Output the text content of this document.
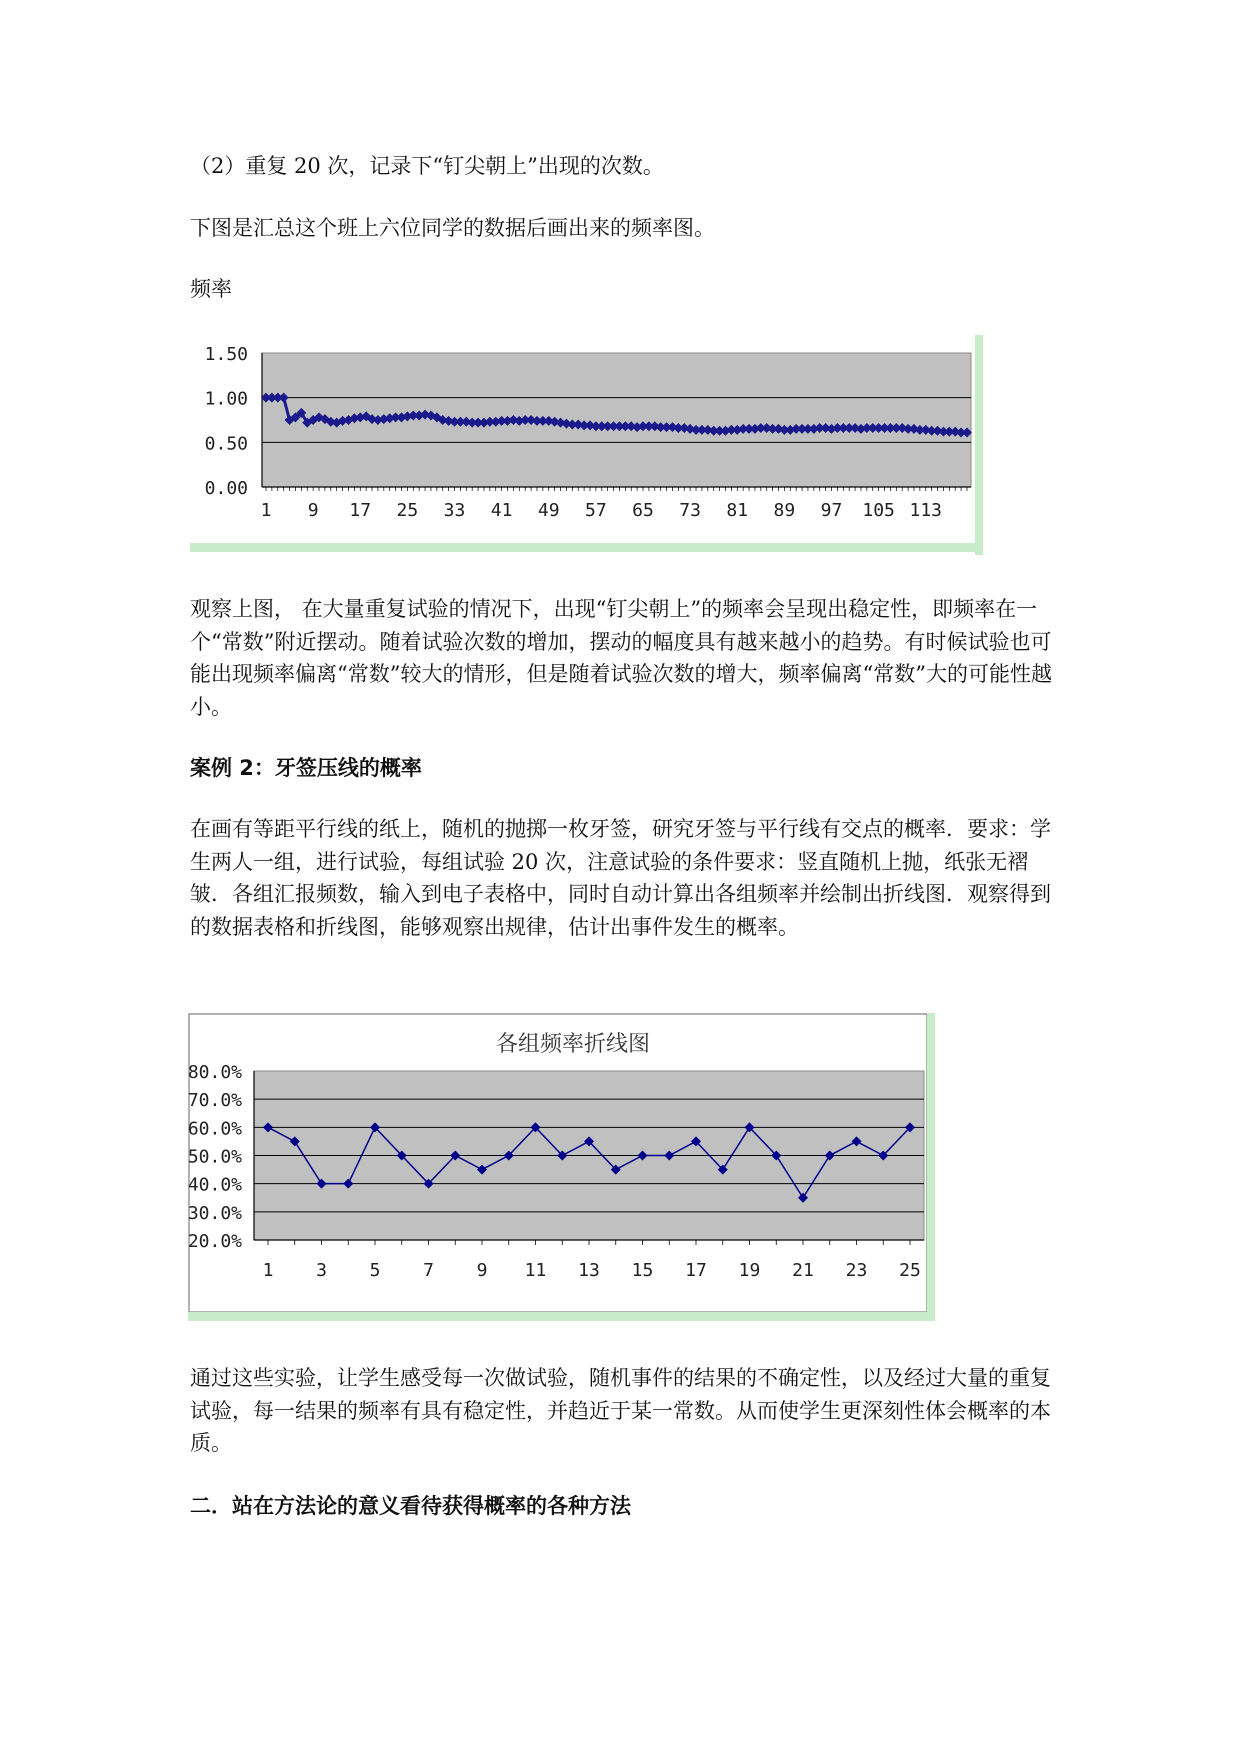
（2）重复 20 次，记录下“钉尖朝上”出现的次数。

下图是汇总这个班上六位同学的数据后画出来的频率图。

频率

1.50
1.00
0.50
0.00
1 9 17 25 33 41 49 57 65 73 81 89 97 105 113

观察上图， 在大量重复试验的情况下，出现“钉尖朝上”的频率会呈现出稳定性，即频率在一个“常数”附近摆动。随着试验次数的增加，摆动的幅度具有越来越小的趋势。有时候试验也可能出现频率偏离“常数”较大的情形，但是随着试验次数的增大，频率偏离“常数”大的可能性越小。

案例 2：牙签压线的概率

在画有等距平行线的纸上，随机的抛掷一枚牙签，研究牙签与平行线有交点的概率．要求：学生两人一组，进行试验，每组试验 20 次，注意试验的条件要求：竖直随机上抛，纸张无褶皱．各组汇报频数，输入到电子表格中，同时自动计算出各组频率并绘制出折线图．观察得到的数据表格和折线图，能够观察出规律，估计出事件发生的概率。

各组频率折线图
80.0%
70.0%
60.0%
50.0%
40.0%
30.0%
20.0%
1 3 5 7 9 11 13 15 17 19 21 23 25

通过这些实验，让学生感受每一次做试验，随机事件的结果的不确定性，以及经过大量的重复试验，每一结果的频率有具有稳定性，并趋近于某一常数。从而使学生更深刻性体会概率的本质。

二．站在方法论的意义看待获得概率的各种方法
